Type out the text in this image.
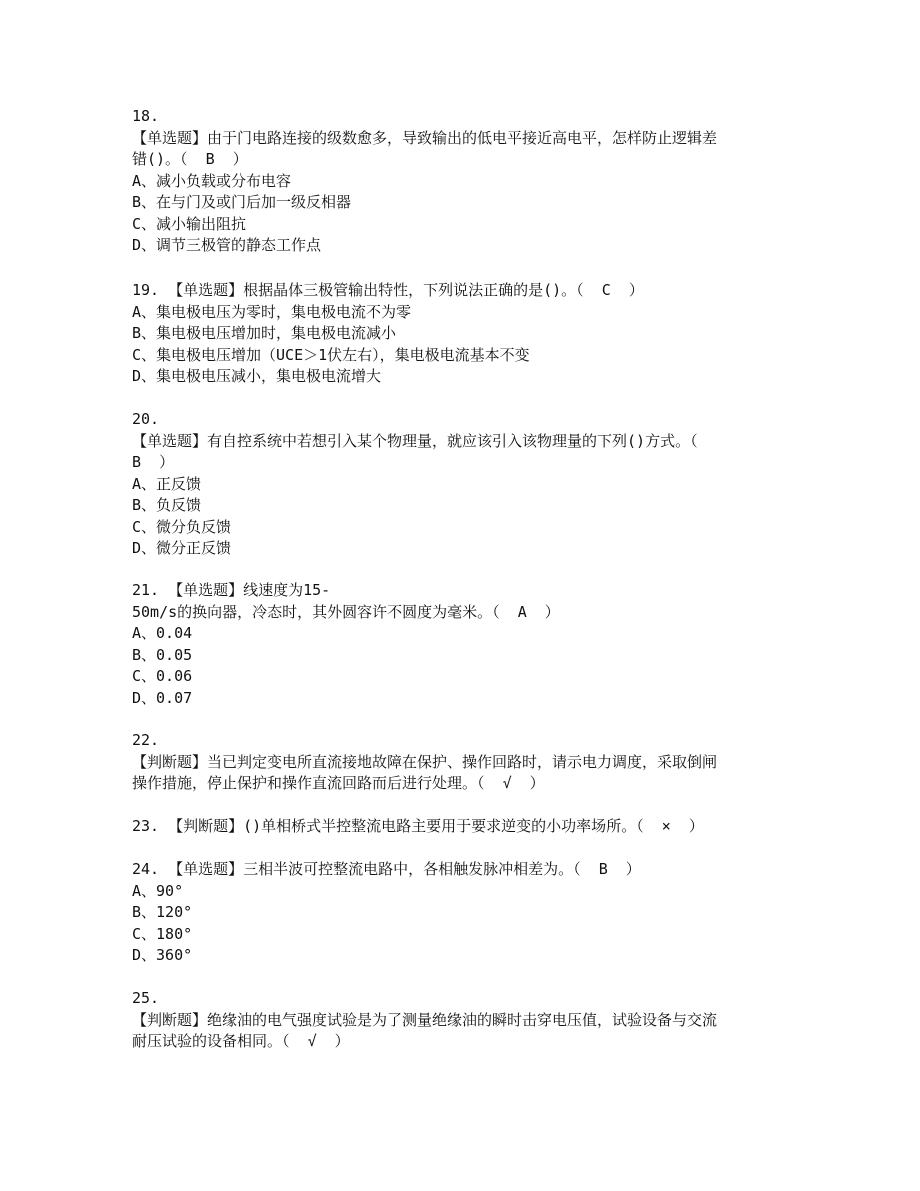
18.
【单选题】由于门电路连接的级数愈多，导致输出的低电平接近高电平，怎样防止逻辑差
错()。（  B  ）
A、减小负载或分布电容
B、在与门及或门后加一级反相器
C、减小输出阻抗
D、调节三极管的静态工作点
19. 【单选题】根据晶体三极管输出特性，下列说法正确的是()。（  C  ）
A、集电极电压为零时，集电极电流不为零
B、集电极电压增加时，集电极电流减小
C、集电极电压增加（UCE＞1伏左右），集电极电流基本不变
D、集电极电压减小，集电极电流增大
20.
【单选题】有自控系统中若想引入某个物理量，就应该引入该物理量的下列()方式。（
B  ）
A、正反馈
B、负反馈
C、微分负反馈
D、微分正反馈
21. 【单选题】线速度为15-
50m/s的换向器，冷态时，其外圆容许不圆度为毫米。（  A  ）
A、0.04
B、0.05
C、0.06
D、0.07
22.
【判断题】当已判定变电所直流接地故障在保护、操作回路时，请示电力调度，采取倒闸
操作措施，停止保护和操作直流回路而后进行处理。（  √  ）
23. 【判断题】()单相桥式半控整流电路主要用于要求逆变的小功率场所。（  ×  ）
24. 【单选题】三相半波可控整流电路中，各相触发脉冲相差为。（  B  ）
A、90°
B、120°
C、180°
D、360°
25.
【判断题】绝缘油的电气强度试验是为了测量绝缘油的瞬时击穿电压值，试验设备与交流
耐压试验的设备相同。（  √  ）
